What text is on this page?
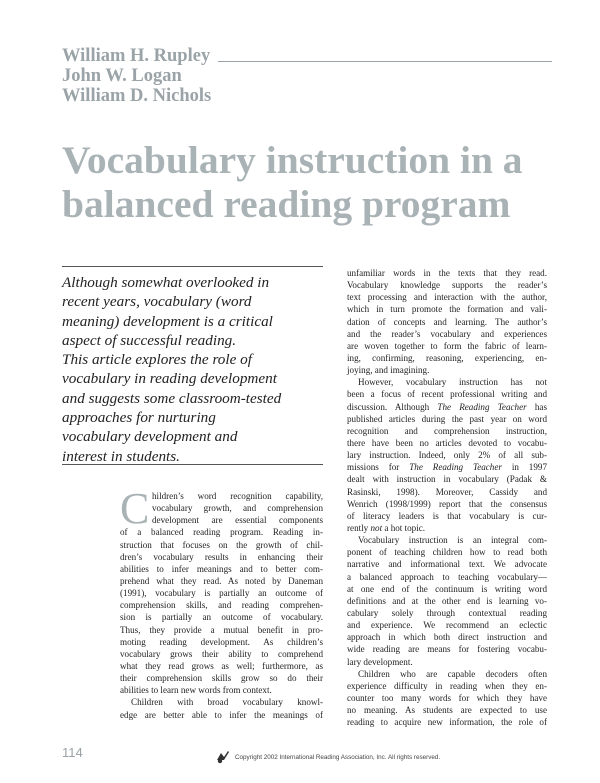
William H. Rupley
John W. Logan
William D. Nichols
Vocabulary instruction in a
balanced reading program
Although somewhat overlooked in
recent years, vocabulary (word
meaning) development is a critical
aspect of successful reading.
This article explores the role of
vocabulary in reading development
and suggests some classroom-tested
approaches for nurturing
vocabulary development and
interest in students.
C hildren’s word recognition capability,
vocabulary growth, and comprehension
development are essential components
of a balanced reading program. Reading in-
struction that focuses on the growth of chil-
dren’s vocabulary results in enhancing their
abilities to infer meanings and to better com-
prehend what they read. As noted by Daneman
(1991), vocabulary is partially an outcome of
comprehension skills, and reading comprehen-
sion is partially an outcome of vocabulary.
Thus, they provide a mutual benefit in pro-
moting reading development. As children’s
vocabulary grows their ability to comprehend
what they read grows as well; furthermore, as
their comprehension skills grow so do their
abilities to learn new words from context.
Children with broad vocabulary knowl-
edge are better able to infer the meanings of
unfamiliar words in the texts that they read.
Vocabulary knowledge supports the reader’s
text processing and interaction with the author,
which in turn promote the formation and vali-
dation of concepts and learning. The author’s
and the reader’s vocabulary and experiences
are woven together to form the fabric of learn-
ing, confirming, reasoning, experiencing, en-
joying, and imagining.
However, vocabulary instruction has not
been a focus of recent professional writing and
discussion. Although The Reading Teacher has
published articles during the past year on word
recognition and comprehension instruction,
there have been no articles devoted to vocabu-
lary instruction. Indeed, only 2% of all sub-
missions for The Reading Teacher in 1997
dealt with instruction in vocabulary (Padak &
Rasinski, 1998). Moreover, Cassidy and
Wenrich (1998/1999) report that the consensus
of literacy leaders is that vocabulary is cur-
rently not a hot topic.
Vocabulary instruction is an integral com-
ponent of teaching children how to read both
narrative and informational text. We advocate
a balanced approach to teaching vocabulary—
at one end of the continuum is writing word
definitions and at the other end is learning vo-
cabulary solely through contextual reading
and experience. We recommend an eclectic
approach in which both direct instruction and
wide reading are means for fostering vocabu-
lary development.
Children who are capable decoders often
experience difficulty in reading when they en-
counter too many words for which they have
no meaning. As students are expected to use
reading to acquire new information, the role of
114	Copyright 2002 International Reading Association, Inc. All rights reserved.
